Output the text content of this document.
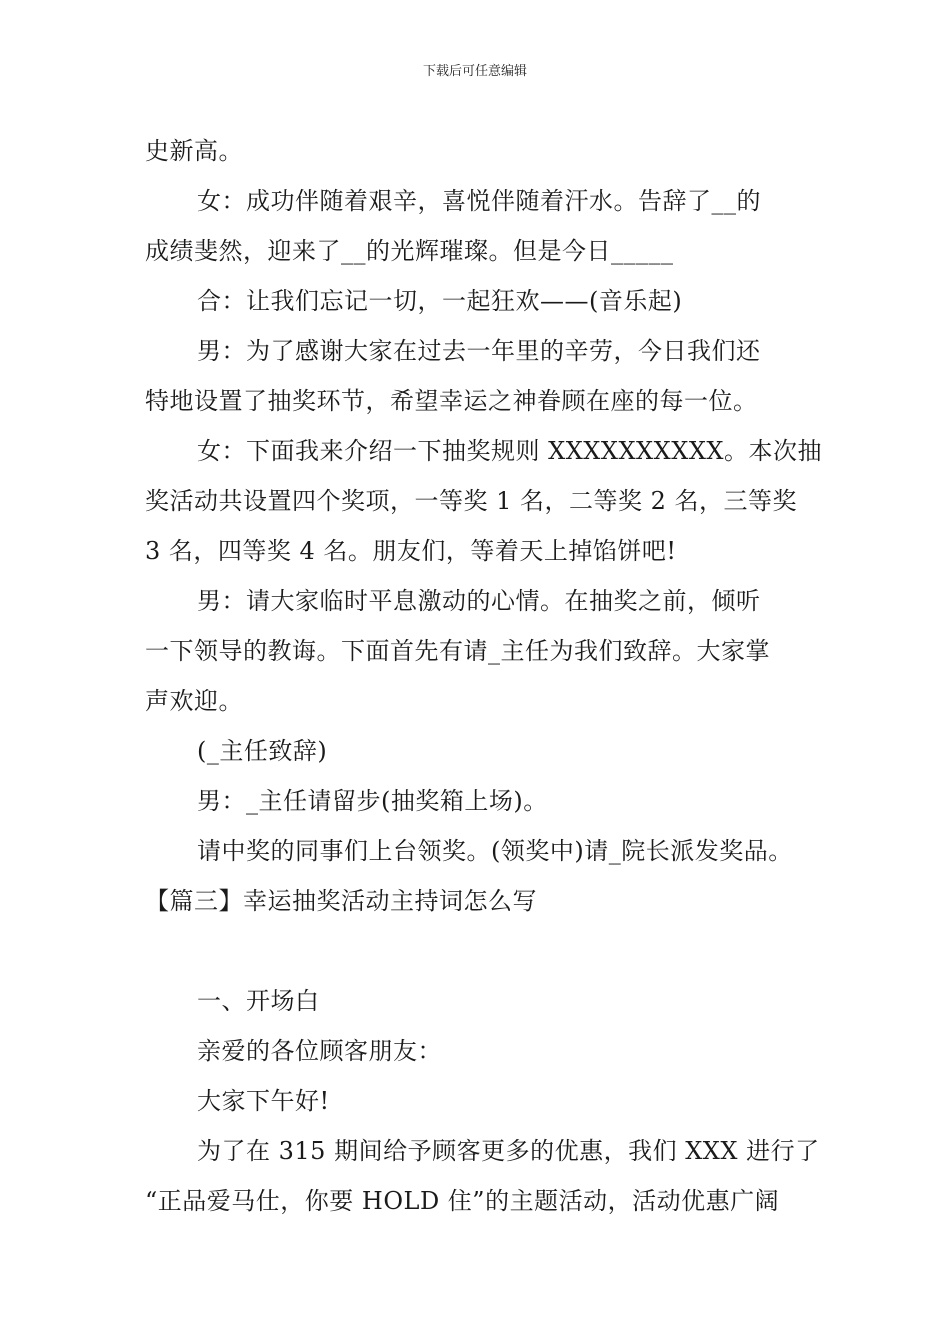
下载后可任意编辑
史新高。
女：成功伴随着艰辛，喜悦伴随着汗水。告辞了__的
成绩斐然，迎来了__的光辉璀璨。但是今日_____
合：让我们忘记一切，一起狂欢——(音乐起)
男：为了感谢大家在过去一年里的辛劳，今日我们还
特地设置了抽奖环节，希望幸运之神眷顾在座的每一位。
女：下面我来介绍一下抽奖规则 XXXXXXXXXX。本次抽
奖活动共设置四个奖项，一等奖 1 名，二等奖 2 名，三等奖
3 名，四等奖 4 名。朋友们，等着天上掉馅饼吧!
男：请大家临时平息激动的心情。在抽奖之前，倾听
一下领导的教诲。下面首先有请_主任为我们致辞。大家掌
声欢迎。
(_主任致辞)
男：_主任请留步(抽奖箱上场)。
请中奖的同事们上台领奖。(领奖中)请_院长派发奖品。
【篇三】幸运抽奖活动主持词怎么写
一、开场白
亲爱的各位顾客朋友：
大家下午好!
为了在 315 期间给予顾客更多的优惠，我们 XXX 进行了
“正品爱马仕，你要 HOLD 住”的主题活动，活动优惠广阔
